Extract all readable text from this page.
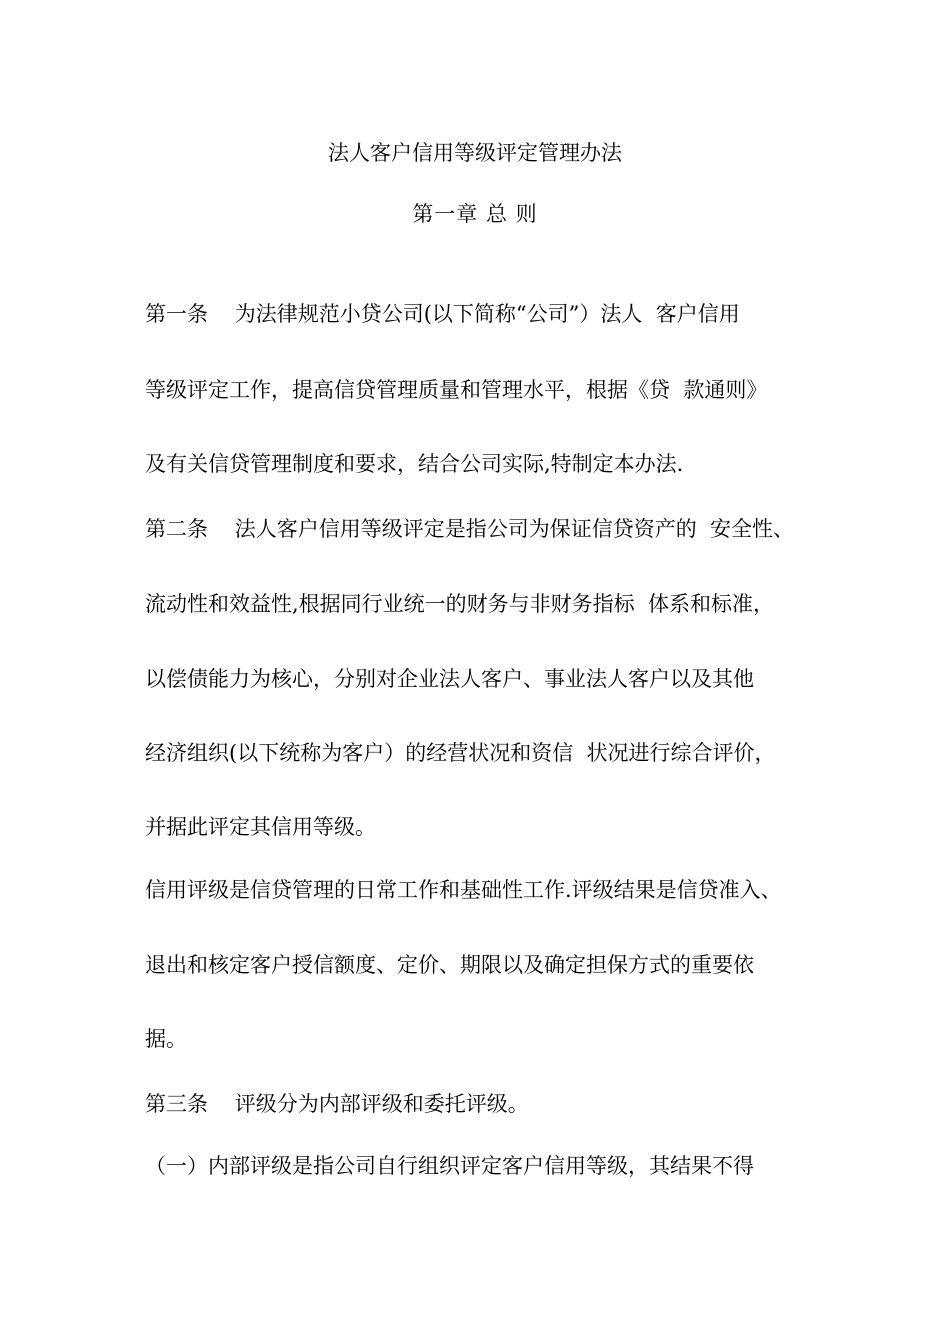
法人客户信用等级评定管理办法
第一章 总 则
第一条    为法律规范小贷公司(以下简称“公司”）法人  客户信用
等级评定工作，提高信贷管理质量和管理水平，根据《贷  款通则》
及有关信贷管理制度和要求，结合公司实际,特制定本办法.
第二条    法人客户信用等级评定是指公司为保证信贷资产的  安全性、
流动性和效益性,根据同行业统一的财务与非财务指标  体系和标准，
以偿债能力为核心，分别对企业法人客户、事业法人客户以及其他
经济组织(以下统称为客户）的经营状况和资信  状况进行综合评价，
并据此评定其信用等级。
信用评级是信贷管理的日常工作和基础性工作.评级结果是信贷准入、
退出和核定客户授信额度、定价、期限以及确定担保方式的重要依
据。
第三条    评级分为内部评级和委托评级。
（一）内部评级是指公司自行组织评定客户信用等级，其结果不得
